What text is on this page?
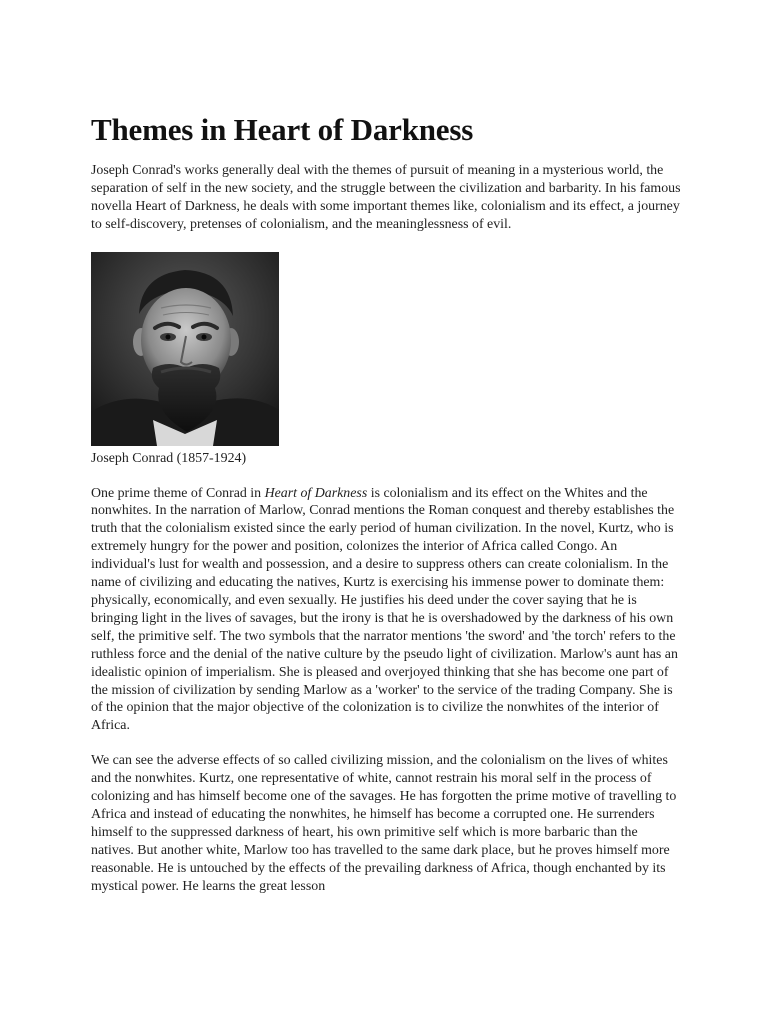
Themes in Heart of Darkness

Joseph Conrad's works generally deal with the themes of pursuit of meaning in a mysterious world, the separation of self in the new society, and the struggle between the civilization and barbarity. In his famous novella Heart of Darkness, he deals with some important themes like, colonialism and its effect, a journey to self-discovery, pretenses of colonialism, and the meaninglessness of evil.

Joseph Conrad (1857-1924)

One prime theme of Conrad in Heart of Darkness is colonialism and its effect on the Whites and the nonwhites. In the narration of Marlow, Conrad mentions the Roman conquest and thereby establishes the truth that the colonialism existed since the early period of human civilization. In the novel, Kurtz, who is extremely hungry for the power and position, colonizes the interior of Africa called Congo. An individual's lust for wealth and possession, and a desire to suppress others can create colonialism. In the name of civilizing and educating the natives, Kurtz is exercising his immense power to dominate them: physically, economically, and even sexually. He justifies his deed under the cover saying that he is bringing light in the lives of savages, but the irony is that he is overshadowed by the darkness of his own self, the primitive self. The two symbols that the narrator mentions 'the sword' and 'the torch' refers to the ruthless force and the denial of the native culture by the pseudo light of civilization. Marlow's aunt has an idealistic opinion of imperialism. She is pleased and overjoyed thinking that she has become one part of the mission of civilization by sending Marlow as a 'worker' to the service of the trading Company. She is of the opinion that the major objective of the colonization is to civilize the nonwhites of the interior of Africa.

We can see the adverse effects of so called civilizing mission, and the colonialism on the lives of whites and the nonwhites. Kurtz, one representative of white, cannot restrain his moral self in the process of colonizing and has himself become one of the savages. He has forgotten the prime motive of travelling to Africa and instead of educating the nonwhites, he himself has become a corrupted one. He surrenders himself to the suppressed darkness of heart, his own primitive self which is more barbaric than the natives. But another white, Marlow too has travelled to the same dark place, but he proves himself more reasonable. He is untouched by the effects of the prevailing darkness of Africa, though enchanted by its mystical power. He learns the great lesson
